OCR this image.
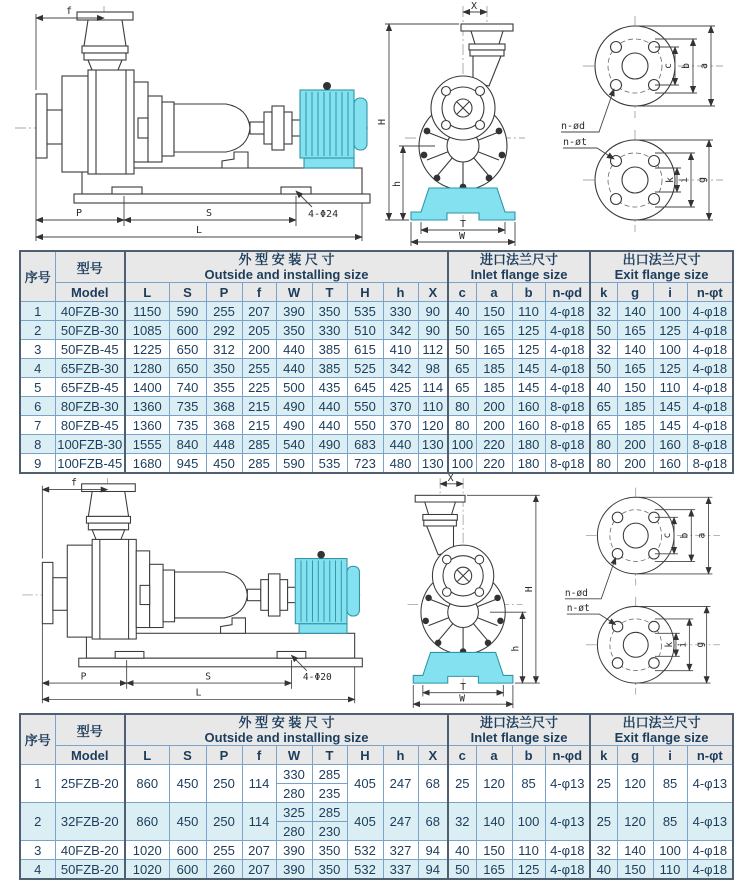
f
P	S
L
4-Φ24
X
H
h
T
W
c b a
n-ød
k i g
n-øt
序号	型号	
外 型 安 装 尺 寸
Outside and installing size

进口法兰尺寸
Inlet flange size

出口法兰尺寸
Exit flange size

	Model	L	S	P	f	W	T	H	h	X	c	a	b	n-φd	k	g	i	n-φt
1	40FZB-30	1150	590	255	207	390	350	535	330	90	40	150	110	4-φ18	32	140	100	4-φ18
2	50FZB-30	1085	600	292	205	350	330	510	342	90	50	165	125	4-φ18	50	165	125	4-φ18
3	50FZB-45	1225	650	312	200	440	385	615	410	112	50	165	125	4-φ18	32	140	100	4-φ18
4	65FZB-30	1280	650	350	255	440	385	525	342	98	65	185	145	4-φ18	50	165	125	4-φ18
5	65FZB-45	1400	740	355	225	500	435	645	425	114	65	185	145	4-φ18	40	150	110	4-φ18
6	80FZB-30	1360	735	368	215	490	440	550	370	110	80	200	160	8-φ18	65	185	145	4-φ18
7	80FZB-45	1360	735	368	215	490	440	550	370	120	80	200	160	8-φ18	65	185	145	4-φ18
8	100FZB-30	1555	840	448	285	540	490	683	440	130	100	220	180	8-φ18	80	200	160	8-φ18
9	100FZB-45	1680	945	450	285	590	535	723	480	130	100	220	180	8-φ18	80	200	160	8-φ18
f
P	S
L
4-Φ20
X
H
h
T
W
c b a
n-ød
k i g
n-øt
序号	型号	
外 型 安 装 尺 寸
Outside and installing size

进口法兰尺寸
Inlet flange size

出口法兰尺寸
Exit flange size

	Model	L	S	P	f	W	T	H	h	X	c	a	b	n-φd	k	g	i	n-φt
1	25FZB-20	860	450	250	114	330	285	405	247	68	25	120	85	4-φ13	25	120	85	4-φ13
						280	235											
2	32FZB-20	860	450	250	114	325	285	405	247	68	32	140	100	4-φ13	25	120	85	4-φ13
						280	230											
3	40FZB-20	1020	600	255	207	390	350	532	327	94	40	150	110	4-φ18	32	140	100	4-φ18
4	50FZB-20	1020	600	260	207	390	350	532	337	94	50	165	125	4-φ18	40	150	110	4-φ18
